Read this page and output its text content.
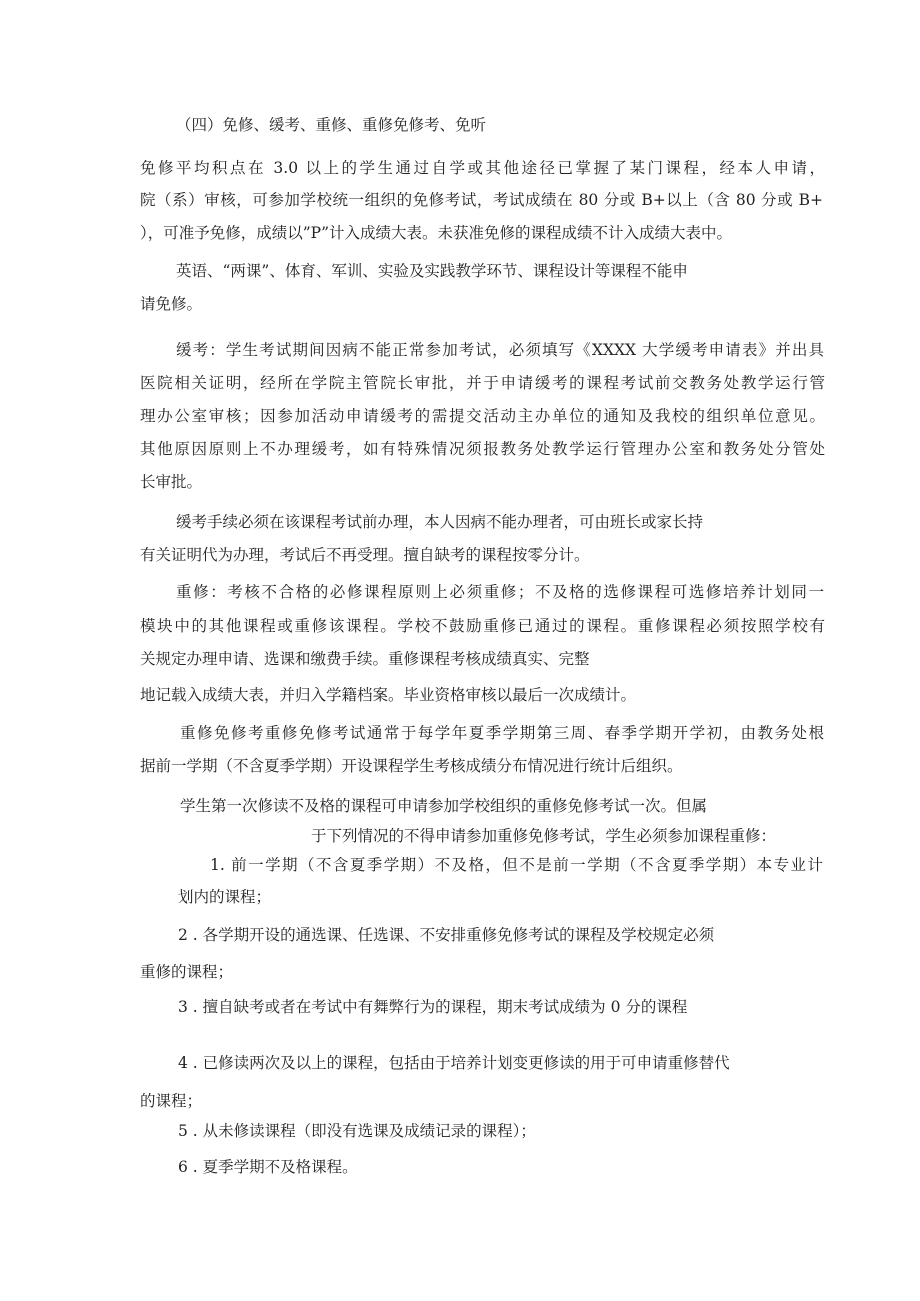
（四）免修、缓考、重修、重修免修考、免听

免修平均积点在 3.0 以上的学生通过自学或其他途径已掌握了某门课程，经本人申请，

院（系）审核，可参加学校统一组织的免修考试，考试成绩在 80 分或 B+以上（含 80 分或 B+

），可准予免修，成绩以”P”计入成绩大表。未获准免修的课程成绩不计入成绩大表中。

英语、“两课”、体育、军训、实验及实践教学环节、课程设计等课程不能申

请免修。

缓考：学生考试期间因病不能正常参加考试，必须填写《XXXX 大学缓考申请表》并出具

医院相关证明，经所在学院主管院长审批，并于申请缓考的课程考试前交教务处教学运行管

理办公室审核；因参加活动申请缓考的需提交活动主办单位的通知及我校的组织单位意见。

其他原因原则上不办理缓考，如有特殊情况须报教务处教学运行管理办公室和教务处分管处

长审批。

缓考手续必须在该课程考试前办理，本人因病不能办理者，可由班长或家长持

有关证明代为办理，考试后不再受理。擅自缺考的课程按零分计。

重修：考核不合格的必修课程原则上必须重修；不及格的选修课程可选修培养计划同一

模块中的其他课程或重修该课程。学校不鼓励重修已通过的课程。重修课程必须按照学校有

关规定办理申请、选课和缴费手续。重修课程考核成绩真实、完整

地记载入成绩大表，并归入学籍档案。毕业资格审核以最后一次成绩计。

重修免修考重修免修考试通常于每学年夏季学期第三周、春季学期开学初，由教务处根

据前一学期（不含夏季学期）开设课程学生考核成绩分布情况进行统计后组织。

学生第一次修读不及格的课程可申请参加学校组织的重修免修考试一次。但属

于下列情况的不得申请参加重修免修考试，学生必须参加课程重修：

1. 前一学期（不含夏季学期）不及格，但不是前一学期（不含夏季学期）本专业计

划内的课程；

2 . 各学期开设的通选课、任选课、不安排重修免修考试的课程及学校规定必须

重修的课程；

3 . 擅自缺考或者在考试中有舞弊行为的课程，期末考试成绩为 0 分的课程

4 . 已修读两次及以上的课程，包括由于培养计划变更修读的用于可申请重修替代

的课程；

5 . 从未修读课程（即没有选课及成绩记录的课程）；

6 . 夏季学期不及格课程。
